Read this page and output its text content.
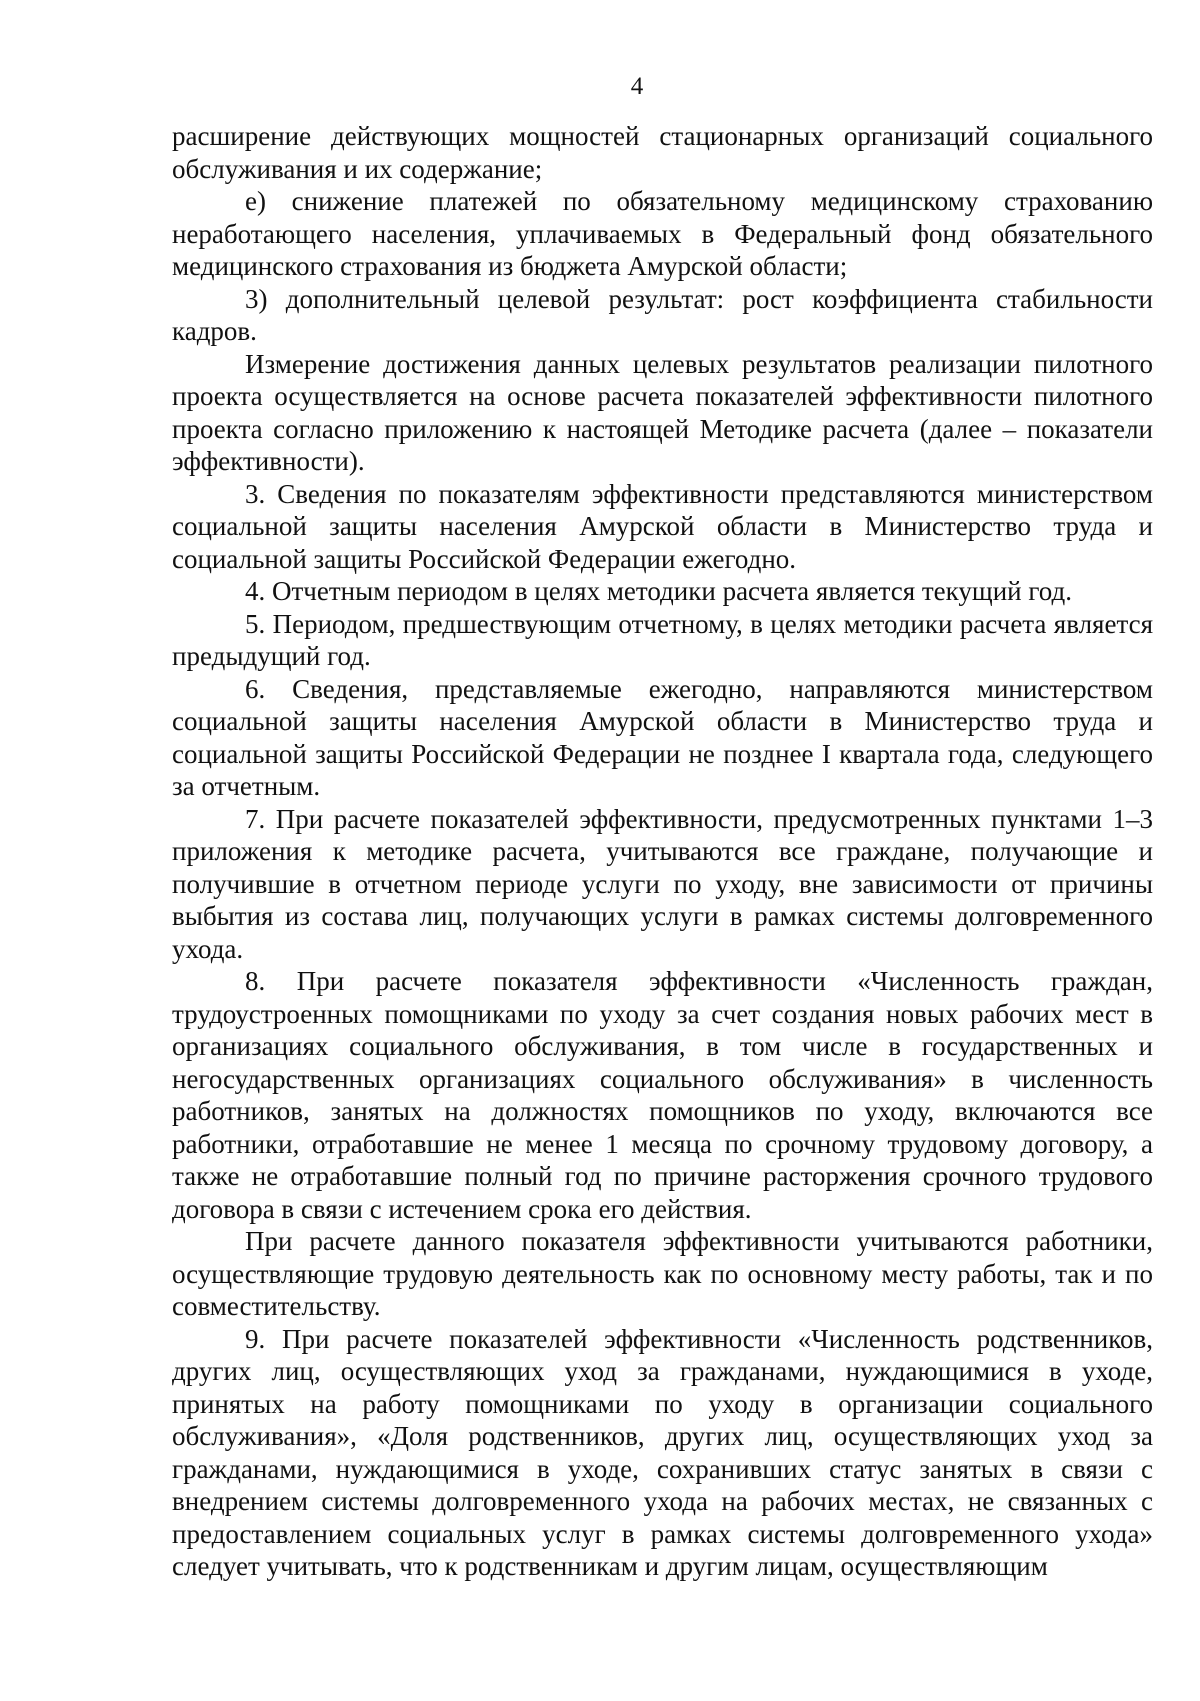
4

расширение действующих мощностей стационарных организаций социального обслуживания и их содержание;

е) снижение платежей по обязательному медицинскому страхованию неработающего населения, уплачиваемых в Федеральный фонд обязательного медицинского страхования из бюджета Амурской области;

3) дополнительный целевой результат: рост коэффициента стабильности кадров.

Измерение достижения данных целевых результатов реализации пилотного проекта осуществляется на основе расчета показателей эффективности пилотного проекта согласно приложению к настоящей Методике расчета (далее – показатели эффективности).

3. Сведения по показателям эффективности представляются министерством социальной защиты населения Амурской области в Министерство труда и социальной защиты Российской Федерации ежегодно.

4. Отчетным периодом в целях методики расчета является текущий год.

5. Периодом, предшествующим отчетному, в целях методики расчета является предыдущий год.

6. Сведения, представляемые ежегодно, направляются министерством социальной защиты населения Амурской области в Министерство труда и социальной защиты Российской Федерации не позднее I квартала года, следующего за отчетным.

7. При расчете показателей эффективности, предусмотренных пунктами 1–3 приложения к методике расчета, учитываются все граждане, получающие и получившие в отчетном периоде услуги по уходу, вне зависимости от причины выбытия из состава лиц, получающих услуги в рамках системы долговременного ухода.

8. При расчете показателя эффективности «Численность граждан, трудоустроенных помощниками по уходу за счет создания новых рабочих мест в организациях социального обслуживания, в том числе в государственных и негосударственных организациях социального обслуживания» в численность работников, занятых на должностях помощников по уходу, включаются все работники, отработавшие не менее 1 месяца по срочному трудовому договору, а также не отработавшие полный год по причине расторжения срочного трудового договора в связи с истечением срока его действия.

При расчете данного показателя эффективности учитываются работники, осуществляющие трудовую деятельность как по основному месту работы, так и по совместительству.

9. При расчете показателей эффективности «Численность родственников, других лиц, осуществляющих уход за гражданами, нуждающимися в уходе, принятых на работу помощниками по уходу в организации социального обслуживания», «Доля родственников, других лиц, осуществляющих уход за гражданами, нуждающимися в уходе, сохранивших статус занятых в связи с внедрением системы долговременного ухода на рабочих местах, не связанных с предоставлением социальных услуг в рамках системы долговременного ухода» следует учитывать, что к родственникам и другим лицам, осуществляющим
